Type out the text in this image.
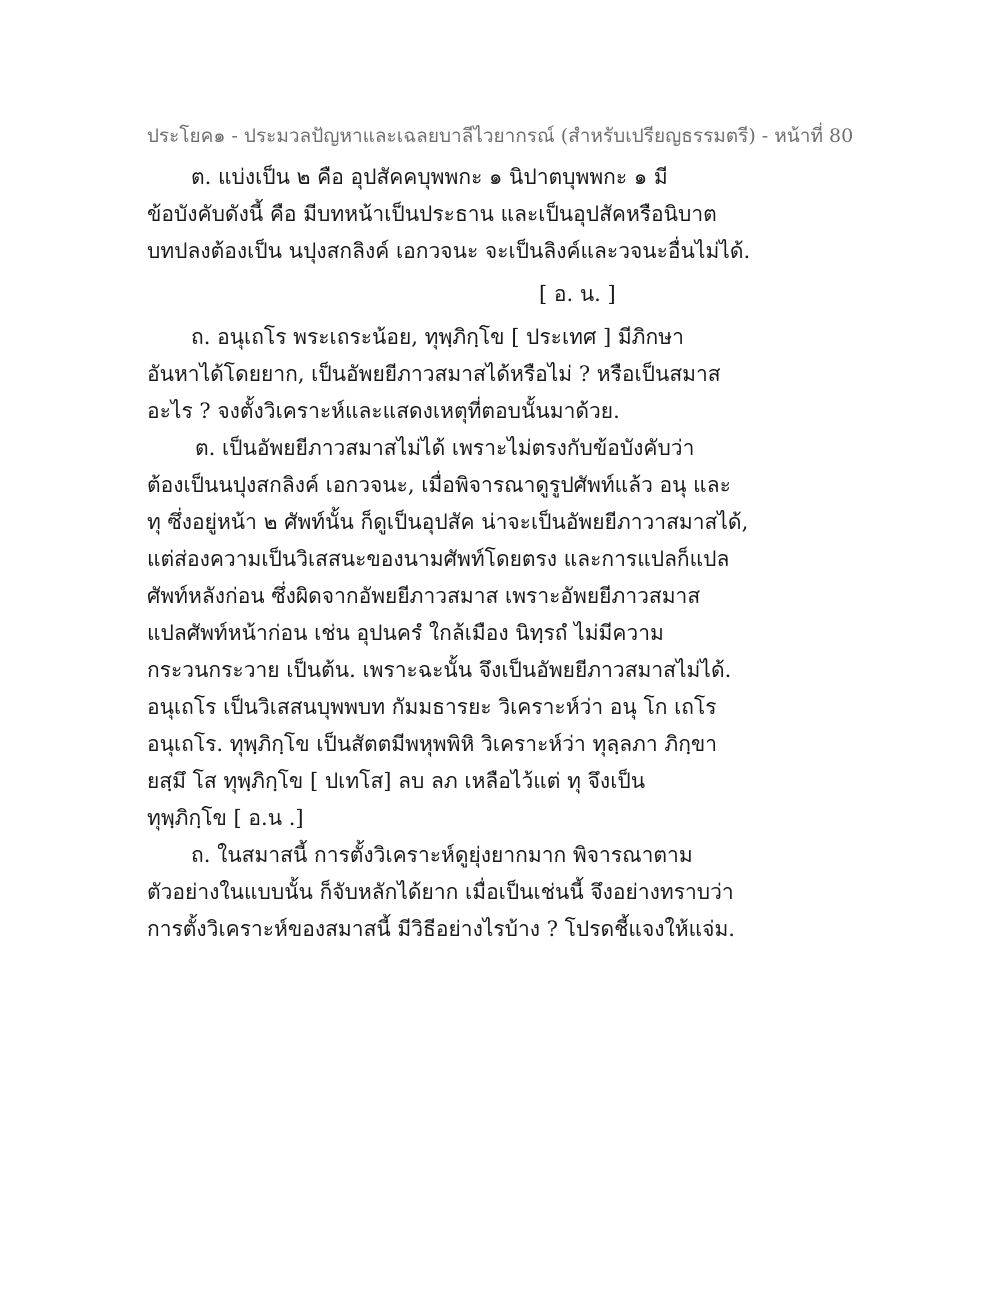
ประโยค๑ - ประมวลปัญหาและเฉลยบาลีไวยากรณ์ (สำหรับเปรียญธรรมตรี) - หน้าที่ 80
ต. แบ่งเป็น ๒ คือ อุปสัคคบุพพกะ ๑ นิปาตบุพพกะ ๑ มี
ข้อบังคับดังนี้ คือ มีบทหน้าเป็นประธาน และเป็นอุปสัคหรือนิบาต
บทปลงต้องเป็น นปุงสกลิงค์ เอกวจนะ จะเป็นลิงค์และวจนะอื่นไม่ได้.
[ อ. น. ]
ถ. อนุเถโร พระเถระน้อย, ทุพฺภิกฺโข [ ประเทศ ] มีภิกษา
อันหาได้โดยยาก, เป็นอัพยยีภาวสมาสได้หรือไม่ ? หรือเป็นสมาส
อะไร ? จงตั้งวิเคราะห์และแสดงเหตุที่ตอบนั้นมาด้วย.
ต. เป็นอัพยยีภาวสมาสไม่ได้ เพราะไม่ตรงกับข้อบังคับว่า
ต้องเป็นนปุงสกลิงค์ เอกวจนะ, เมื่อพิจารณาดูรูปศัพท์แล้ว อนุ และ
ทุ ซึ่งอยู่หน้า ๒ ศัพท์นั้น ก็ดูเป็นอุปสัค น่าจะเป็นอัพยยีภาวาสมาสได้,
แต่ส่องความเป็นวิเสสนะของนามศัพท์โดยตรง และการแปลก็แปล
ศัพท์หลังก่อน ซึ่งผิดจากอัพยยีภาวสมาส เพราะอัพยยีภาวสมาส
แปลศัพท์หน้าก่อน เช่น อุปนครํ ใกล้เมือง นิทฺรถํ ไม่มีความ
กระวนกระวาย เป็นต้น. เพราะฉะนั้น จึงเป็นอัพยยีภาวสมาสไม่ได้.
อนุเถโร เป็นวิเสสนบุพพบท กัมมธารยะ วิเคราะห์ว่า อนุ โก เถโร
อนุเถโร. ทุพฺภิกฺโข เป็นสัตตมีพหุพพิหิ วิเคราะห์ว่า ทุลฺลภา ภิกฺขา
ยสฺมึ โส ทุพฺภิกฺโข [ ปเทโส] ลบ ลภ เหลือไว้แต่ ทุ จึงเป็น
ทุพฺภิกฺโข [ อ.น .]
ถ. ในสมาสนี้ การตั้งวิเคราะห์ดูยุ่งยากมาก พิจารณาตาม
ตัวอย่างในแบบนั้น ก็จับหลักได้ยาก เมื่อเป็นเช่นนี้ จึงอย่างทราบว่า
การตั้งวิเคราะห์ของสมาสนี้ มีวิธีอย่างไรบ้าง ? โปรดชี้แจงให้แจ่ม.
